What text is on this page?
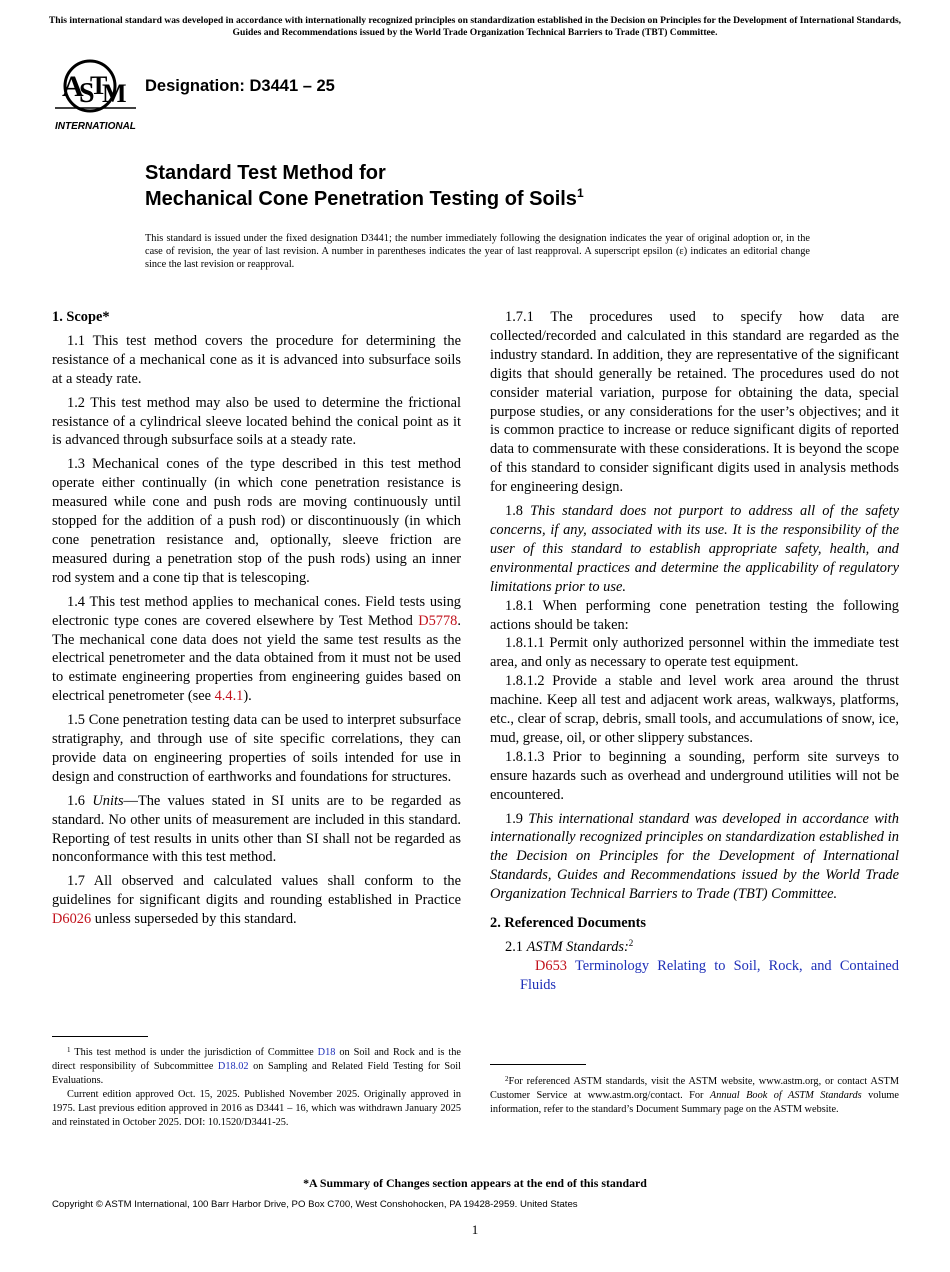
This international standard was developed in accordance with internationally recognized principles on standardization established in the Decision on Principles for the Development of International Standards, Guides and Recommendations issued by the World Trade Organization Technical Barriers to Trade (TBT) Committee.
A
S
T
M
INTERNATIONAL
Designation: D3441 – 25
Standard Test Method for
Mechanical Cone Penetration Testing of Soils$^1$
This standard is issued under the fixed designation D3441; the number immediately following the designation indicates the year of original adoption or, in the case of revision, the year of last revision. A number in parentheses indicates the year of last reapproval. A superscript epsilon (ε) indicates an editorial change since the last revision or reapproval.
1. Scope*

1.1 This test method covers the procedure for determining the resistance of a mechanical cone as it is advanced into subsurface soils at a steady rate.

1.2 This test method may also be used to determine the frictional resistance of a cylindrical sleeve located behind the conical point as it is advanced through subsurface soils at a steady rate.

1.3 Mechanical cones of the type described in this test method operate either continually (in which cone penetration resistance is measured while cone and push rods are moving continuously until stopped for the addition of a push rod) or discontinuously (in which cone penetration resistance and, optionally, sleeve friction are measured during a penetration stop of the push rods) using an inner rod system and a cone tip that is telescoping.

1.4 This test method applies to mechanical cones. Field tests using electronic type cones are covered elsewhere by Test Method D5778. The mechanical cone data does not yield the same test results as the electrical penetrometer and the data obtained from it must not be used to estimate engineering properties from engineering guides based on electrical penetrometer (see 4.4.1).

1.5 Cone penetration testing data can be used to interpret subsurface stratigraphy, and through use of site specific correlations, they can provide data on engineering properties of soils intended for use in design and construction of earthworks and foundations for structures.

1.6 Units—The values stated in SI units are to be regarded as standard. No other units of measurement are included in this standard. Reporting of test results in units other than SI shall not be regarded as nonconformance with this test method.

1.7 All observed and calculated values shall conform to the guidelines for significant digits and rounding established in Practice D6026 unless superseded by this standard.

1.7.1 The procedures used to specify how data are collected/recorded and calculated in this standard are regarded as the industry standard. In addition, they are representative of the significant digits that should generally be retained. The procedures used do not consider material variation, purpose for obtaining the data, special purpose studies, or any considerations for the user’s objectives; and it is common practice to increase or reduce significant digits of reported data to commensurate with these considerations. It is beyond the scope of this standard to consider significant digits used in analysis methods for engineering design.

1.8 This standard does not purport to address all of the safety concerns, if any, associated with its use. It is the responsibility of the user of this standard to establish appropriate safety, health, and environmental practices and determine the applicability of regulatory limitations prior to use.

1.8.1 When performing cone penetration testing the following actions should be taken:

1.8.1.1 Permit only authorized personnel within the immediate test area, and only as necessary to operate test equipment.

1.8.1.2 Provide a stable and level work area around the thrust machine. Keep all test and adjacent work areas, walkways, platforms, etc., clear of scrap, debris, small tools, and accumulations of snow, ice, mud, grease, oil, or other slippery substances.

1.8.1.3 Prior to beginning a sounding, perform site surveys to ensure hazards such as overhead and underground utilities will not be encountered.

1.9 This international standard was developed in accordance with internationally recognized principles on standardization established in the Decision on Principles for the Development of International Standards, Guides and Recommendations issued by the World Trade Organization Technical Barriers to Trade (TBT) Committee.

2. Referenced Documents

2.1 ASTM Standards:$^2$

D653 Terminology Relating to Soil, Rock, and Contained Fluids

$^1$ This test method is under the jurisdiction of Committee D18 on Soil and Rock and is the direct responsibility of Subcommittee D18.02 on Sampling and Related Field Testing for Soil Evaluations.

Current edition approved Oct. 15, 2025. Published November 2025. Originally approved in 1975. Last previous edition approved in 2016 as D3441 – 16, which was withdrawn January 2025 and reinstated in October 2025. DOI: 10.1520/D3441-25.

$^2$For referenced ASTM standards, visit the ASTM website, www.astm.org, or contact ASTM Customer Service at www.astm.org/contact. For Annual Book of ASTM Standards volume information, refer to the standard’s Document Summary page on the ASTM website.

*A Summary of Changes section appears at the end of this standard
Copyright © ASTM International, 100 Barr Harbor Drive, PO Box C700, West Conshohocken, PA 19428-2959. United States
1
